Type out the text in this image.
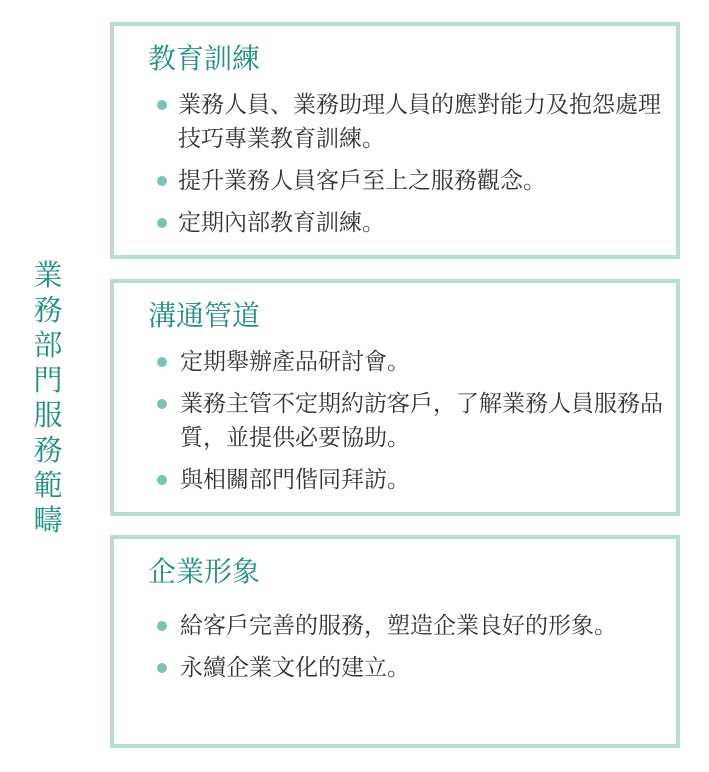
業
務
部
門
服
務
範
疇
教育訓練
業務人員、業務助理人員的應對能力及抱怨處理技巧專業教育訓練。
提升業務人員客戶至上之服務觀念。
定期內部教育訓練。
溝通管道
定期舉辦產品研討會。
業務主管不定期約訪客戶，了解業務人員服務品質，並提供必要協助。
與相關部門偕同拜訪。
企業形象
給客戶完善的服務，塑造企業良好的形象。
永續企業文化的建立。
